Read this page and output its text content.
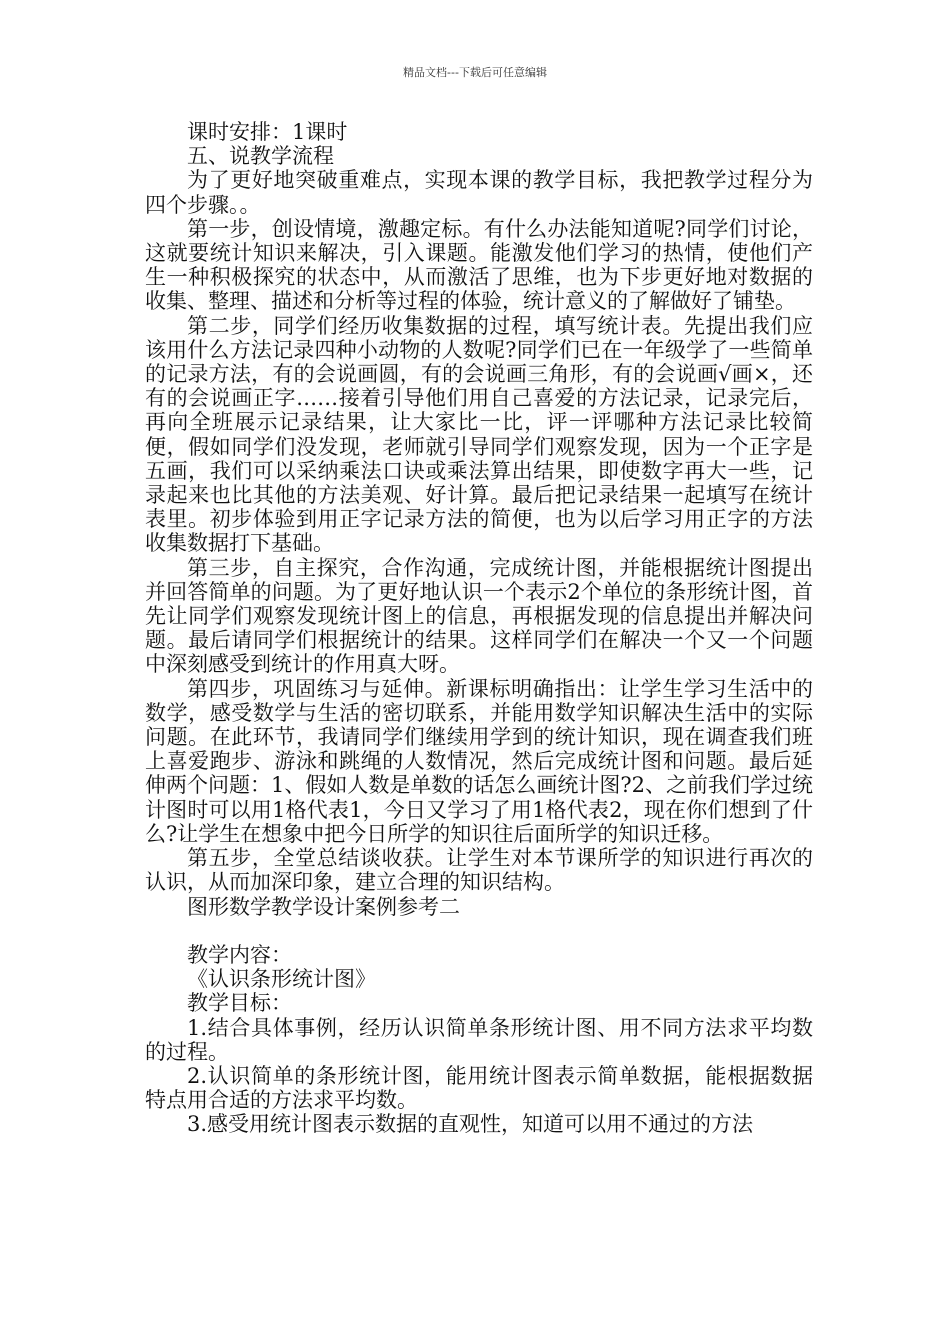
精品文档---下载后可任意编辑

课时安排：1课时

五、说教学流程

为了更好地突破重难点，实现本课的教学目标，我把教学过程分为四个步骤。。

第一步，创设情境，激趣定标。有什么办法能知道呢?同学们讨论，这就要统计知识来解决，引入课题。能激发他们学习的热情，使他们产生一种积极探究的状态中，从而激活了思维，也为下步更好地对数据的收集、整理、描述和分析等过程的体验，统计意义的了解做好了铺垫。

第二步，同学们经历收集数据的过程，填写统计表。先提出我们应该用什么方法记录四种小动物的人数呢?同学们已在一年级学了一些简单的记录方法，有的会说画圆，有的会说画三角形，有的会说画√画×，还有的会说画正字……接着引导他们用自己喜爱的方法记录，记录完后，再向全班展示记录结果，让大家比一比，评一评哪种方法记录比较简便，假如同学们没发现，老师就引导同学们观察发现，因为一个正字是五画，我们可以采纳乘法口诀或乘法算出结果，即使数字再大一些，记录起来也比其他的方法美观、好计算。最后把记录结果一起填写在统计表里。初步体验到用正字记录方法的简便，也为以后学习用正字的方法收集数据打下基础。

第三步，自主探究，合作沟通，完成统计图，并能根据统计图提出并回答简单的问题。为了更好地认识一个表示2个单位的条形统计图，首先让同学们观察发现统计图上的信息，再根据发现的信息提出并解决问题。最后请同学们根据统计的结果。这样同学们在解决一个又一个问题中深刻感受到统计的作用真大呀。

第四步，巩固练习与延伸。新课标明确指出：让学生学习生活中的数学，感受数学与生活的密切联系，并能用数学知识解决生活中的实际问题。在此环节，我请同学们继续用学到的统计知识，现在调查我们班上喜爱跑步、游泳和跳绳的人数情况，然后完成统计图和问题。最后延伸两个问题：1、假如人数是单数的话怎么画统计图?2、之前我们学过统计图时可以用1格代表1，今日又学习了用1格代表2，现在你们想到了什么?让学生在想象中把今日所学的知识往后面所学的知识迁移。

第五步，全堂总结谈收获。让学生对本节课所学的知识进行再次的认识，从而加深印象，建立合理的知识结构。

图形数学教学设计案例参考二

教学内容：

《认识条形统计图》

教学目标：

1.结合具体事例，经历认识简单条形统计图、用不同方法求平均数的过程。

2.认识简单的条形统计图，能用统计图表示简单数据，能根据数据特点用合适的方法求平均数。

3.感受用统计图表示数据的直观性，知道可以用不通过的方法
